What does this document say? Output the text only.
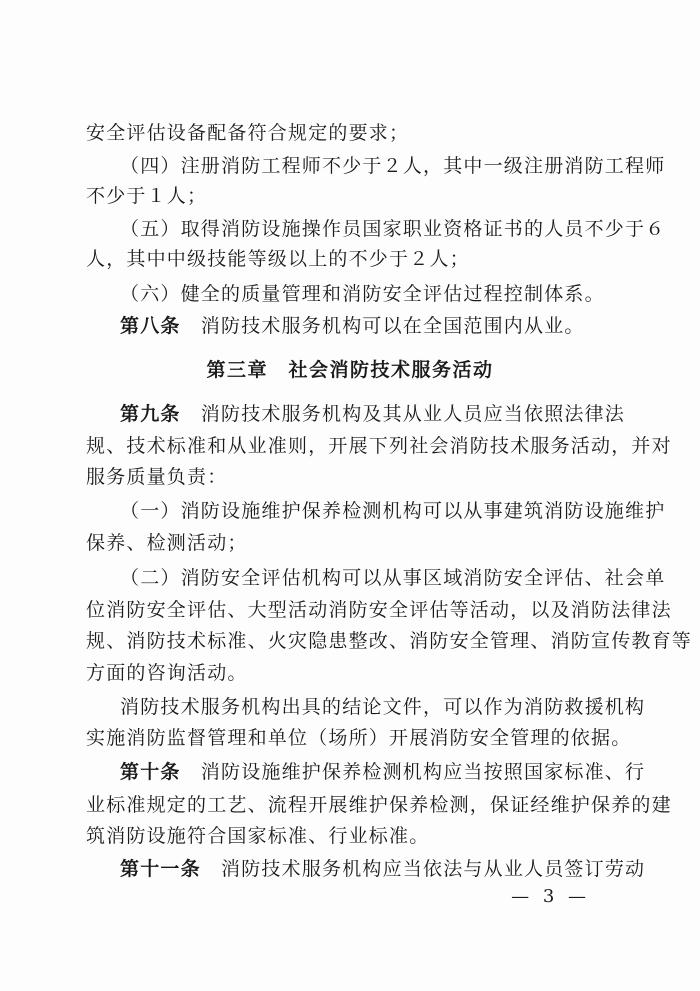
安全评估设备配备符合规定的要求；
（四）注册消防工程师不少于２人，其中一级注册消防工程师
不少于１人；
（五）取得消防设施操作员国家职业资格证书的人员不少于６
人，其中中级技能等级以上的不少于２人；
（六）健全的质量管理和消防安全评估过程控制体系。
第八条　消防技术服务机构可以在全国范围内从业。
第三章　社会消防技术服务活动
第九条　消防技术服务机构及其从业人员应当依照法律法
规、技术标准和从业准则，开展下列社会消防技术服务活动，并对
服务质量负责：
（一）消防设施维护保养检测机构可以从事建筑消防设施维护
保养、检测活动；
（二）消防安全评估机构可以从事区域消防安全评估、社会单
位消防安全评估、大型活动消防安全评估等活动，以及消防法律法
规、消防技术标准、火灾隐患整改、消防安全管理、消防宣传教育等
方面的咨询活动。
消防技术服务机构出具的结论文件，可以作为消防救援机构
实施消防监督管理和单位（场所）开展消防安全管理的依据。
第十条　消防设施维护保养检测机构应当按照国家标准、行
业标准规定的工艺、流程开展维护保养检测，保证经维护保养的建
筑消防设施符合国家标准、行业标准。
第十一条　消防技术服务机构应当依法与从业人员签订劳动
— 3 —
